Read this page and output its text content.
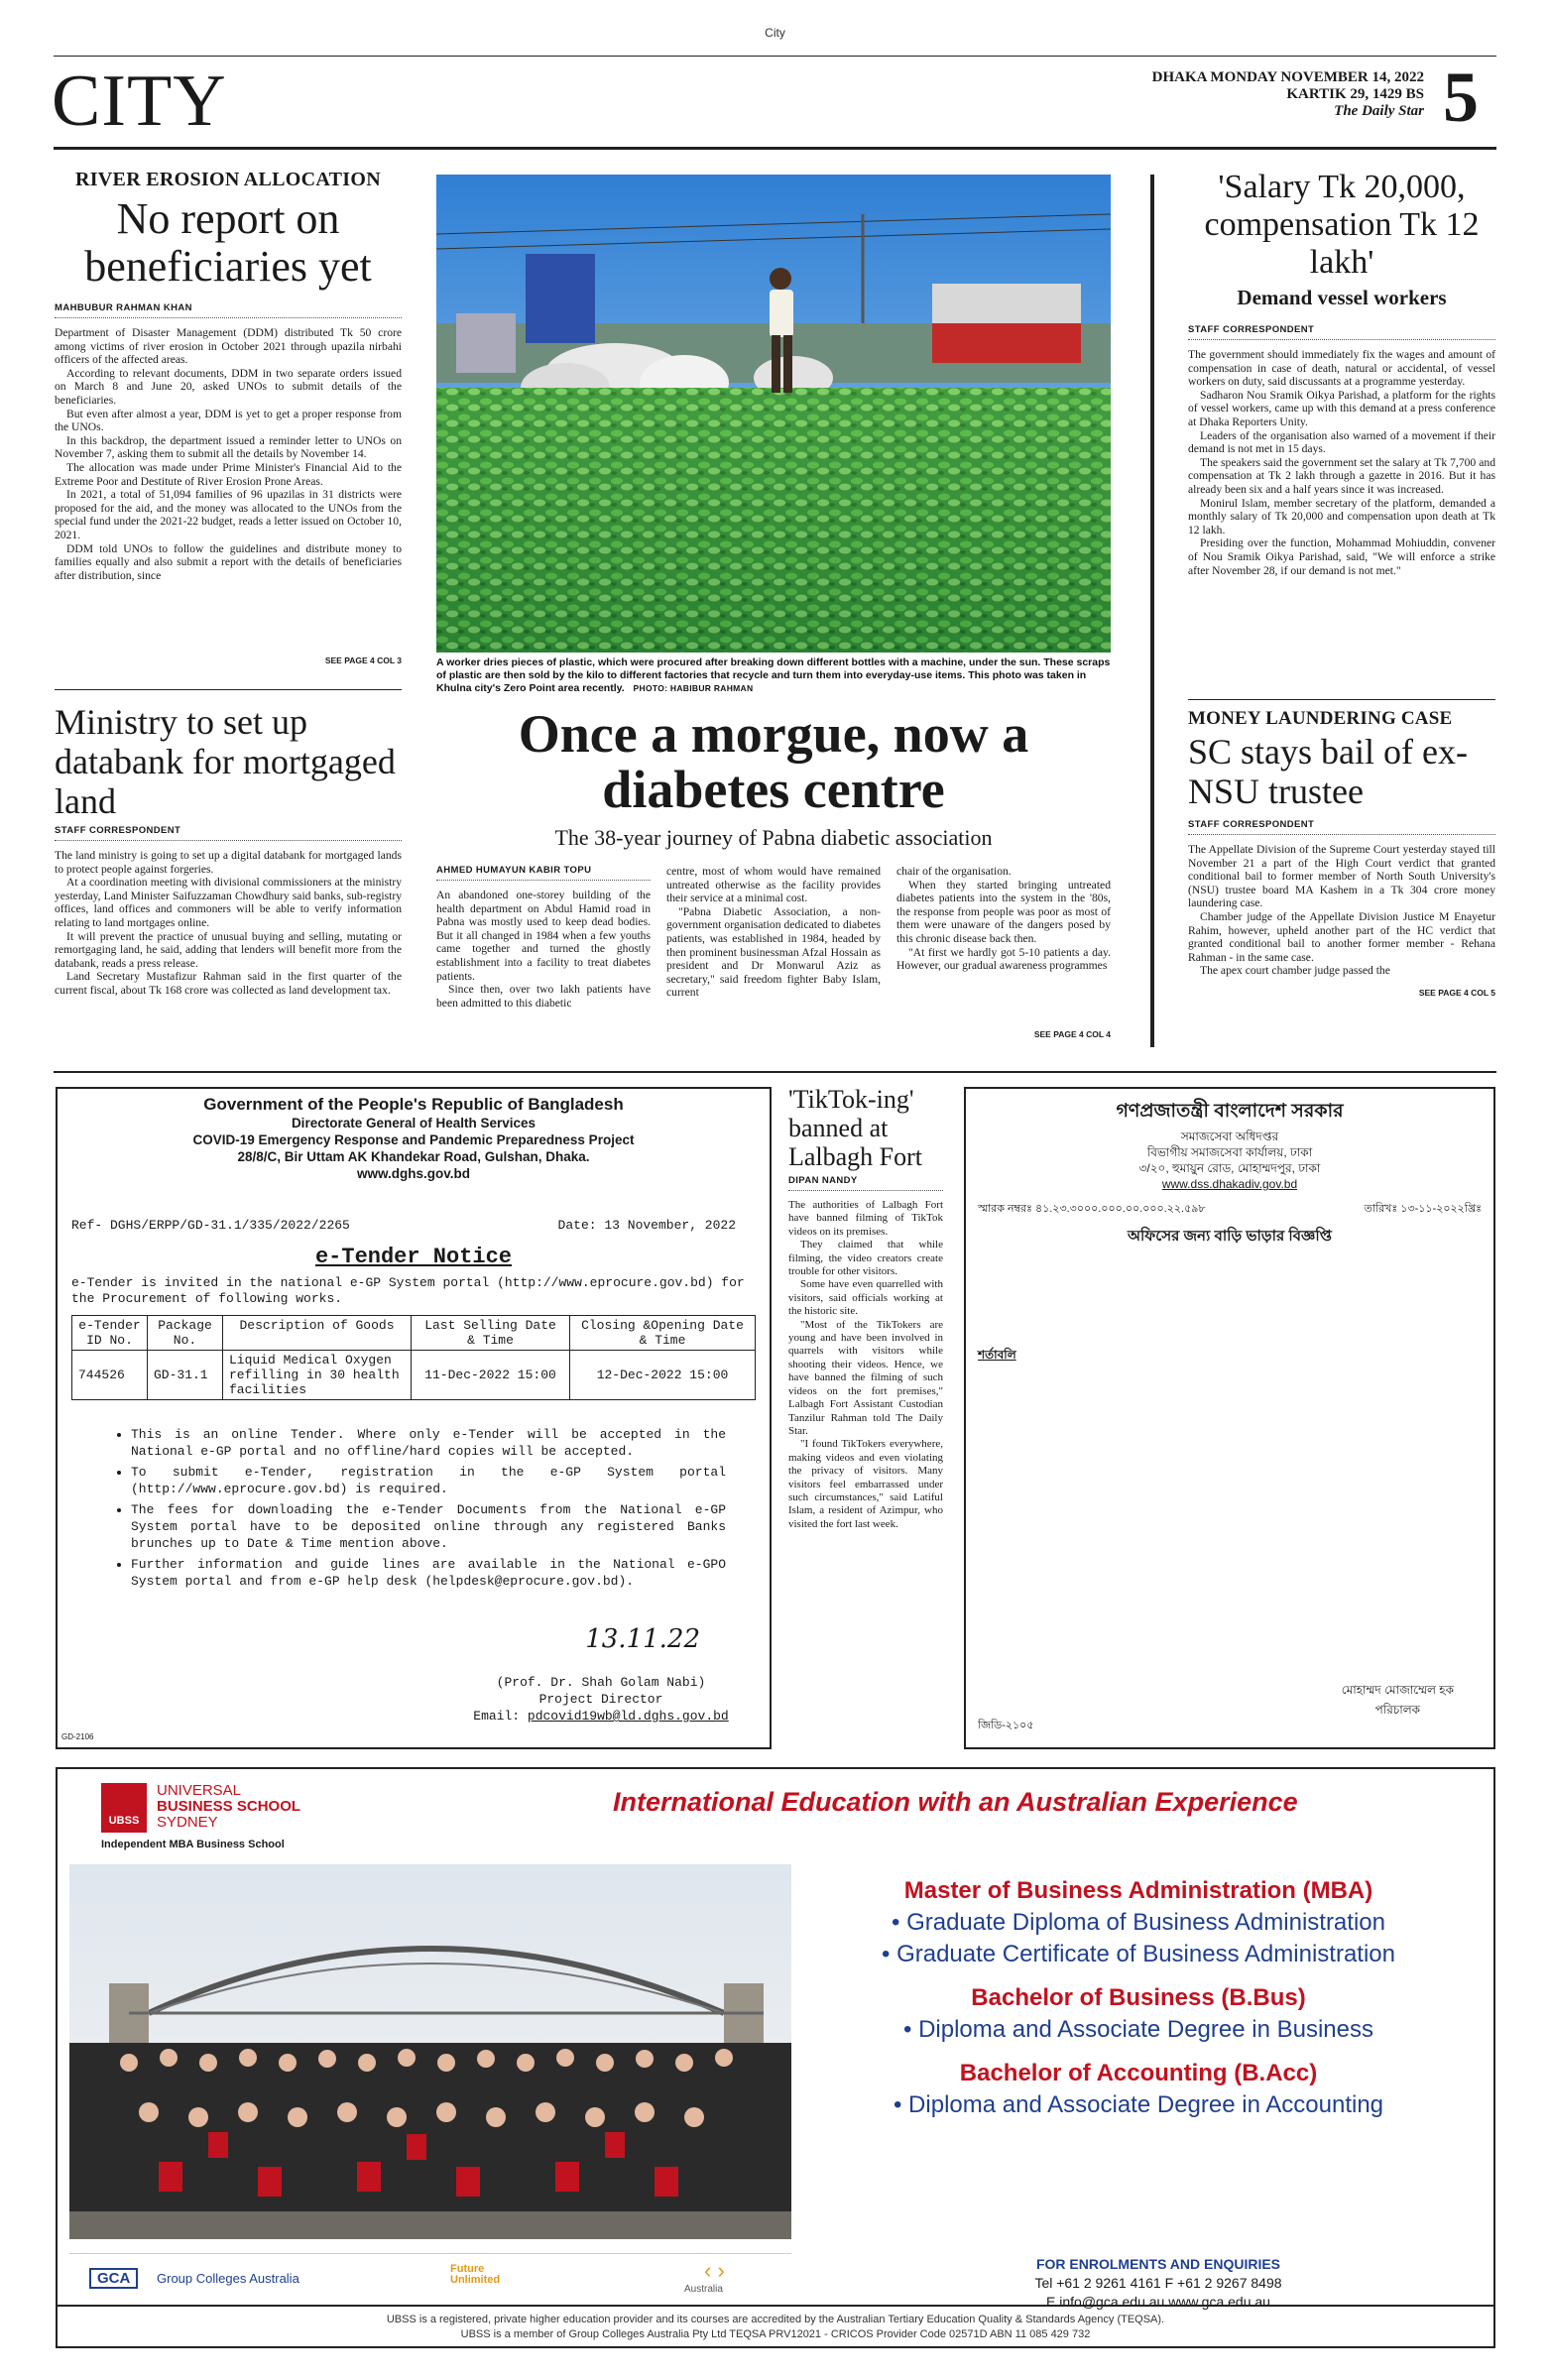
City
CITY	DHAKA MONDAY NOVEMBER 14, 2022
KARTIK 29, 1429 BS
The Daily Star 5
RIVER EROSION ALLOCATION
No report on beneficiaries yet
MAHBUBUR RAHMAN KHAN

Department of Disaster Management (DDM) distributed Tk 50 crore among victims of river erosion in October 2021 through upazila nirbahi officers of the affected areas.

According to relevant documents, DDM in two separate orders issued on March 8 and June 20, asked UNOs to submit details of the beneficiaries.

But even after almost a year, DDM is yet to get a proper response from the UNOs.

In this backdrop, the department issued a reminder letter to UNOs on November 7, asking them to submit all the details by November 14.

The allocation was made under Prime Minister's Financial Aid to the Extreme Poor and Destitute of River Erosion Prone Areas.

In 2021, a total of 51,094 families of 96 upazilas in 31 districts were proposed for the aid, and the money was allocated to the UNOs from the special fund under the 2021-22 budget, reads a letter issued on October 10, 2021.

DDM told UNOs to follow the guidelines and distribute money to families equally and also submit a report with the details of beneficiaries after distribution, since

SEE PAGE 4 COL 3	A worker dries pieces of plastic, which were procured after breaking down different bottles with a machine, under the sun. These scraps of plastic are then sold by the kilo to different factories that recycle and turn them into everyday-use items. This photo was taken in Khulna city's Zero Point area recently. PHOTO: HABIBUR RAHMAN
'Salary Tk 20,000, compensation Tk 12 lakh'
Demand vessel workers
STAFF CORRESPONDENT

The government should immediately fix the wages and amount of compensation in case of death, natural or accidental, of vessel workers on duty, said discussants at a programme yesterday.

Sadharon Nou Sramik Oikya Parishad, a platform for the rights of vessel workers, came up with this demand at a press conference at Dhaka Reporters Unity.

Leaders of the organisation also warned of a movement if their demand is not met in 15 days.

The speakers said the government set the salary at Tk 7,700 and compensation at Tk 2 lakh through a gazette in 2016. But it has already been six and a half years since it was increased.

Monirul Islam, member secretary of the platform, demanded a monthly salary of Tk 20,000 and compensation upon death at Tk 12 lakh.

Presiding over the function, Mohammad Mohiuddin, convener of Nou Sramik Oikya Parishad, said, "We will enforce a strike after November 28, if our demand is not met."

Ministry to set up databank for mortgaged land
STAFF CORRESPONDENT

The land ministry is going to set up a digital databank for mortgaged lands to protect people against forgeries.

At a coordination meeting with divisional commissioners at the ministry yesterday, Land Minister Saifuzzaman Chowdhury said banks, sub-registry offices, land offices and commoners will be able to verify information relating to land mortgages online.

It will prevent the practice of unusual buying and selling, mutating or remortgaging land, he said, adding that lenders will benefit more from the databank, reads a press release.

Land Secretary Mustafizur Rahman said in the first quarter of the current fiscal, about Tk 168 crore was collected as land development tax.

Once a morgue, now a diabetes centre
The 38-year journey of Pabna diabetic association
AHMED HUMAYUN KABIR TOPU

An abandoned one-storey building of the health department on Abdul Hamid road in Pabna was mostly used to keep dead bodies. But it all changed in 1984 when a few youths came together and turned the ghostly establishment into a facility to treat diabetes patients.

Since then, over two lakh patients have been admitted to this diabetic

centre, most of whom would have remained untreated otherwise as the facility provides their service at a minimal cost.

"Pabna Diabetic Association, a non-government organisation dedicated to diabetes patients, was established in 1984, headed by then prominent businessman Afzal Hossain as president and Dr Monwarul Aziz as secretary," said freedom fighter Baby Islam, current

chair of the organisation.

When they started bringing untreated diabetes patients into the system in the '80s, the response from people was poor as most of them were unaware of the dangers posed by this chronic disease back then.

"At first we hardly got 5-10 patients a day. However, our gradual awareness programmes

SEE PAGE 4 COL 4
MONEY LAUNDERING CASE
SC stays bail of ex-NSU trustee
STAFF CORRESPONDENT

The Appellate Division of the Supreme Court yesterday stayed till November 21 a part of the High Court verdict that granted conditional bail to former member of North South University's (NSU) trustee board MA Kashem in a Tk 304 crore money laundering case.

Chamber judge of the Appellate Division Justice M Enayetur Rahim, however, upheld another part of the HC verdict that granted conditional bail to another former member - Rehana Rahman - in the same case.

The apex court chamber judge passed the

SEE PAGE 4 COL 5
Government of the People's Republic of Bangladesh
Directorate General of Health Services
COVID-19 Emergency Response and Pandemic Preparedness Project
28/8/C, Bir Uttam AK Khandekar Road, Gulshan, Dhaka.
www.dghs.gov.bd
Ref- DGHS/ERPP/GD-31.1/335/2022/2265	Date: 13 November, 2022
e-Tender Notice
e-Tender is invited in the national e-GP System portal (http://www.eprocure.gov.bd) for the Procurement of following works.
e-Tender ID No.	Package No.	Description of Goods	Last Selling Date & Time	Closing &Opening Date & Time
744526	GD-31.1	Liquid Medical Oxygen refilling in 30 health facilities	11-Dec-2022 15:00	12-Dec-2022 15:00
• This is an online Tender. Where only e-Tender will be accepted in the National e-GP portal and no offline/hard copies will be accepted.
• To submit e-Tender, registration in the e-GP System portal (http://www.eprocure.gov.bd) is required.
• The fees for downloading the e-Tender Documents from the National e-GP System portal have to be deposited online through any registered Banks brunches up to Date & Time mention above.
• Further information and guide lines are available in the National e-GPO System portal and from e-GP help desk (helpdesk@eprocure.gov.bd).
13.11.22
(Prof. Dr. Shah Golam Nabi)
Project Director
Email: pdcovid19wb@ld.dghs.gov.bd
GD-2106
'TikTok-ing' banned at Lalbagh Fort
DIPAN NANDY

The authorities of Lalbagh Fort have banned filming of TikTok videos on its premises.

They claimed that while filming, the video creators create trouble for other visitors.

Some have even quarrelled with visitors, said officials working at the historic site.

"Most of the TikTokers are young and have been involved in quarrels with visitors while shooting their videos. Hence, we have banned the filming of such videos on the fort premises," Lalbagh Fort Assistant Custodian Tanzilur Rahman told The Daily Star.

"I found TikTokers everywhere, making videos and even violating the privacy of visitors. Many visitors feel embarrassed under such circumstances," said Latiful Islam, a resident of Azimpur, who visited the fort last week.

গণপ্রজাতন্ত্রী বাংলাদেশ সরকার
সমাজসেবা অধিদপ্তর
বিভাগীয় সমাজসেবা কার্যালয়, ঢাকা
৩/২০, হুমায়ুন রোড, মোহাম্মদপুর, ঢাকা
www.dss.dhakadiv.gov.bd
স্মারক নম্বরঃ ৪১.২৩.৩০০০.০০০.০০.০০০.২২.৫৯৮	তারিখঃ ১৩-১১-২০২২খ্রিঃ
অফিসের জন্য বাড়ি ভাড়ার বিজ্ঞপ্তি
শর্তাবলি
মোহাম্মদ মোজাম্মেল হক
পরিচালক
জিডি-২১০৫
UBSS
UNIVERSAL
BUSINESS SCHOOL
SYDNEY
Independent MBA Business School
International Education with an Australian Experience
Master of Business Administration (MBA)
• Graduate Diploma of Business Administration
• Graduate Certificate of Business Administration
Bachelor of Business (B.Bus)
• Diploma and Associate Degree in Business
Bachelor of Accounting (B.Acc)
• Diploma and Associate Degree in Accounting
FOR ENROLMENTS AND ENQUIRIES
Tel +61 2 9261 4161 F +61 2 9267 8498
E info@gca.edu.au www.gca.edu.au
GCA	Group Colleges Australia
Future
Unlimited	‹ ›
Australia
UBSS is a registered, private higher education provider and its courses are accredited by the Australian Tertiary Education Quality & Standards Agency (TEQSA).
UBSS is a member of Group Colleges Australia Pty Ltd TEQSA PRV12021 - CRICOS Provider Code 02571D ABN 11 085 429 732
